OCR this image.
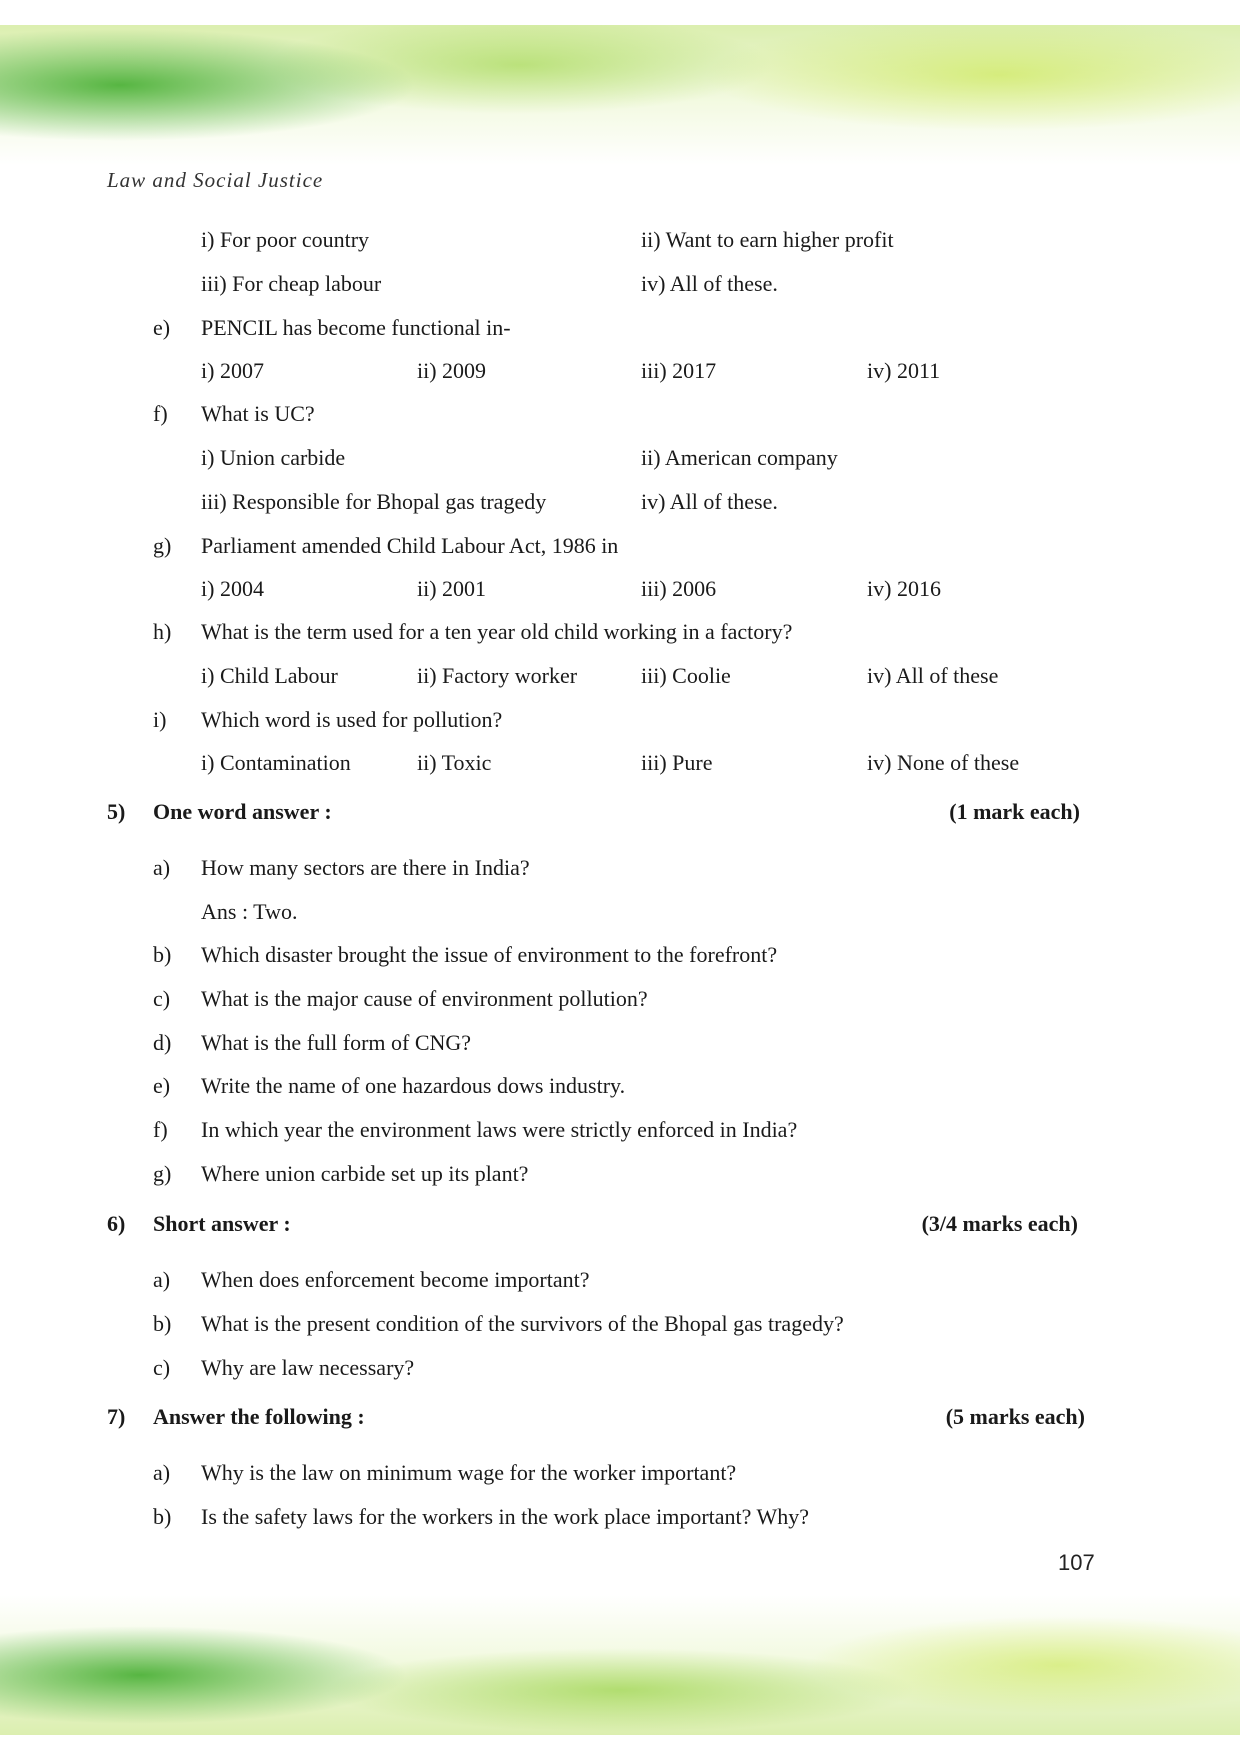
Law and Social Justice
i) For poor country	ii) Want to earn higher profit
iii) For cheap labour	iv) All of these.
e) PENCIL has become functional in-
i) 2007	ii) 2009	iii) 2017	iv) 2011
f) What is UC?
i) Union carbide	ii) American company
iii) Responsible for Bhopal gas tragedy	iv) All of these.
g) Parliament amended Child Labour Act, 1986 in
i) 2004	ii) 2001	iii) 2006	iv) 2016
h) What is the term used for a ten year old child working in a factory?
i) Child Labour	ii) Factory worker	iii) Coolie	iv) All of these
i) Which word is used for pollution?
i) Contamination	ii) Toxic	iii) Pure	iv) None of these
5) One word answer :	(1 mark each)
a) How many sectors are there in India?
Ans : Two.
b) Which disaster brought the issue of environment to the forefront?
c) What is the major cause of environment pollution?
d) What is the full form of CNG?
e) Write the name of one hazardous dows industry.
f) In which year the environment laws were strictly enforced in India?
g) Where union carbide set up its plant?
6) Short answer :	(3/4 marks each)
a) When does enforcement become important?
b) What is the present condition of the survivors of the Bhopal gas tragedy?
c) Why are law necessary?
7) Answer the following :	(5 marks each)
a) Why is the law on minimum wage for the worker important?
b) Is the safety laws for the workers in the work place important? Why?
107
